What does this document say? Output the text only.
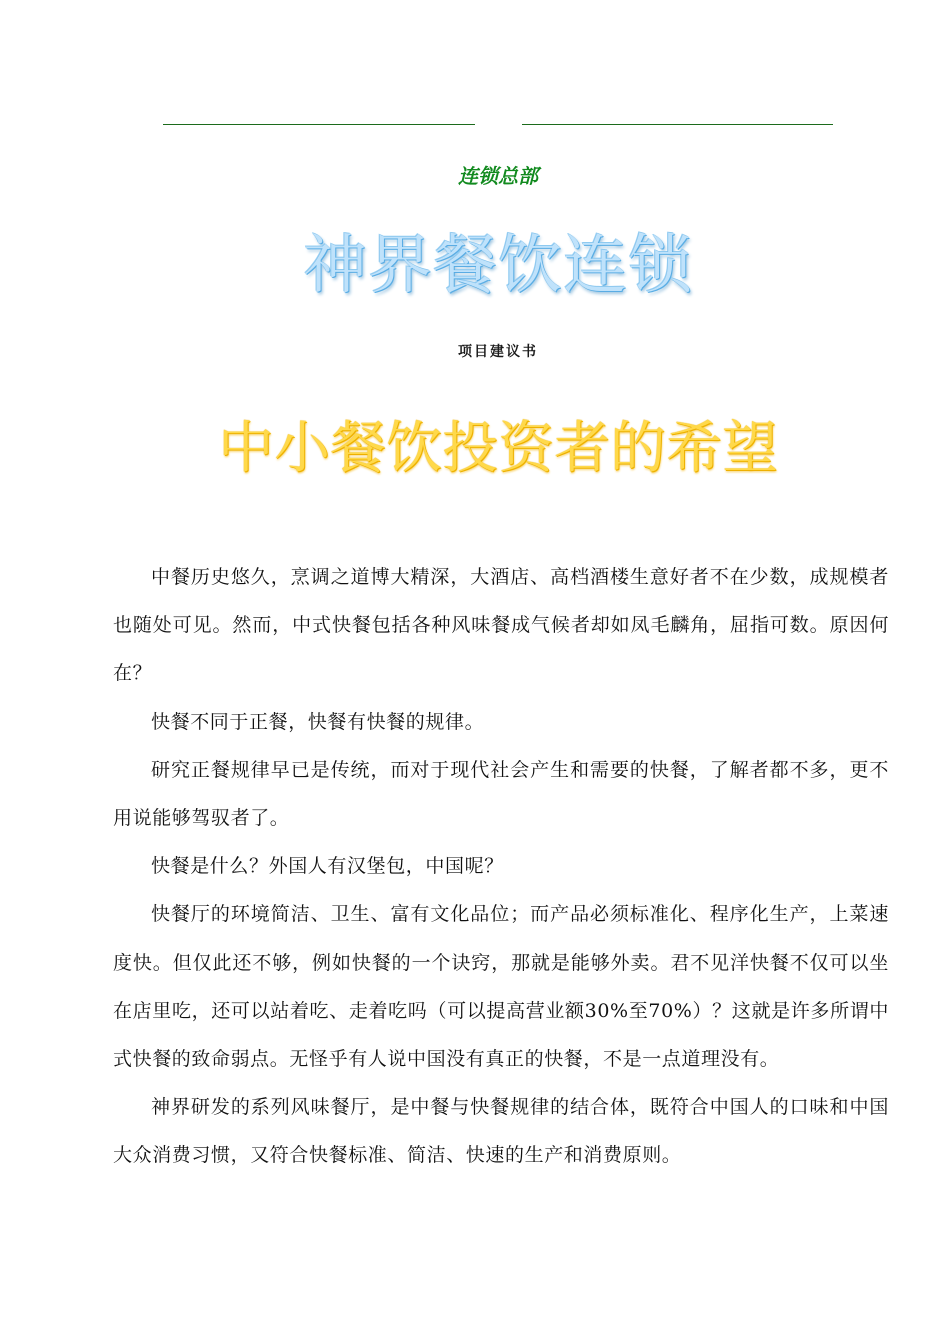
连锁总部
神界餐饮连锁
项目建议书
中小餐饮投资者的希望

中餐历史悠久，烹调之道博大精深，大酒店、高档酒楼生意好者不在少数，成规模者也随处可见。然而，中式快餐包括各种风味餐成气候者却如凤毛麟角，屈指可数。原因何在？

快餐不同于正餐，快餐有快餐的规律。

研究正餐规律早已是传统，而对于现代社会产生和需要的快餐，了解者都不多，更不用说能够驾驭者了。

快餐是什么？外国人有汉堡包，中国呢？

快餐厅的环境简洁、卫生、富有文化品位；而产品必须标准化、程序化生产，上菜速度快。但仅此还不够，例如快餐的一个诀窍，那就是能够外卖。君不见洋快餐不仅可以坐在店里吃，还可以站着吃、走着吃吗（可以提高营业额30%至70%）？这就是许多所谓中式快餐的致命弱点。无怪乎有人说中国没有真正的快餐，不是一点道理没有。

神界研发的系列风味餐厅，是中餐与快餐规律的结合体，既符合中国人的口味和中国大众消费习惯，又符合快餐标准、简洁、快速的生产和消费原则。
